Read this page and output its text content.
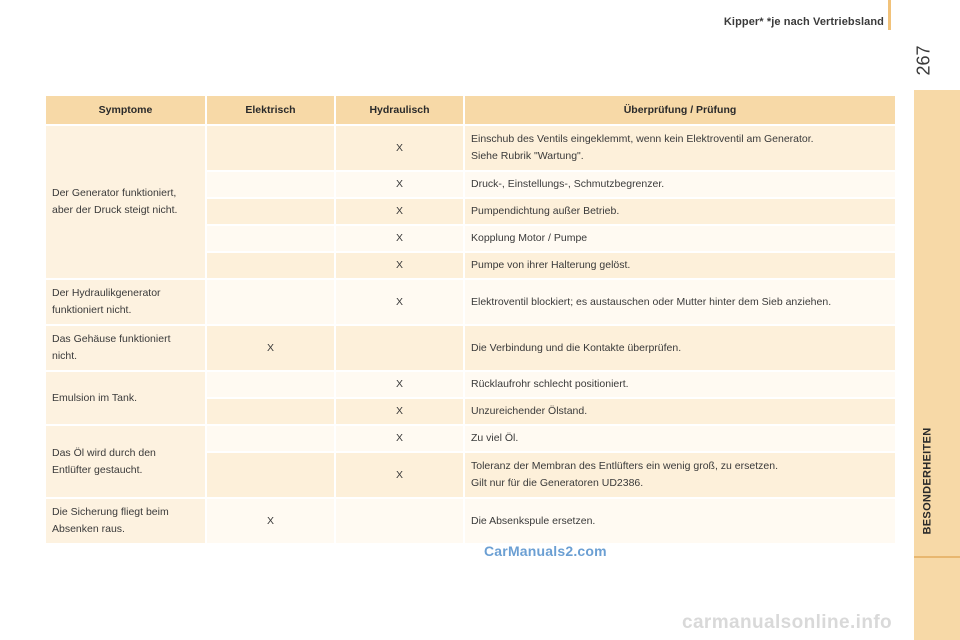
Kipper* *je nach Vertriebsland
267
BESONDERHEITEN
Symptome	Elektrisch	Hydraulisch	Überprüfung / Prüfung
Der Generator funktioniert,
aber der Druck steigt nicht.		X	Einschub des Ventils eingeklemmt, wenn kein Elektroventil am Generator.
Siehe Rubrik "Wartung".
		X	Druck-, Einstellungs-, Schmutzbegrenzer.
		X	Pumpendichtung außer Betrieb.
		X	Kopplung Motor / Pumpe
		X	Pumpe von ihrer Halterung gelöst.
Der Hydraulikgenerator
funktioniert nicht.		X	Elektroventil blockiert; es austauschen oder Mutter hinter dem Sieb anziehen.
Das Gehäuse funktioniert
nicht.	X		Die Verbindung und die Kontakte überprüfen.
Emulsion im Tank.		X	Rücklaufrohr schlecht positioniert.
		X	Unzureichender Ölstand.
Das Öl wird durch den
Entlüfter gestaucht.		X	Zu viel Öl.
		X	Toleranz der Membran des Entlüfters ein wenig groß, zu ersetzen.
Gilt nur für die Generatoren UD2386.
Die Sicherung fliegt beim
Absenken raus.	X		Die Absenkspule ersetzen.
CarManuals2.com
carmanualsonline.info
